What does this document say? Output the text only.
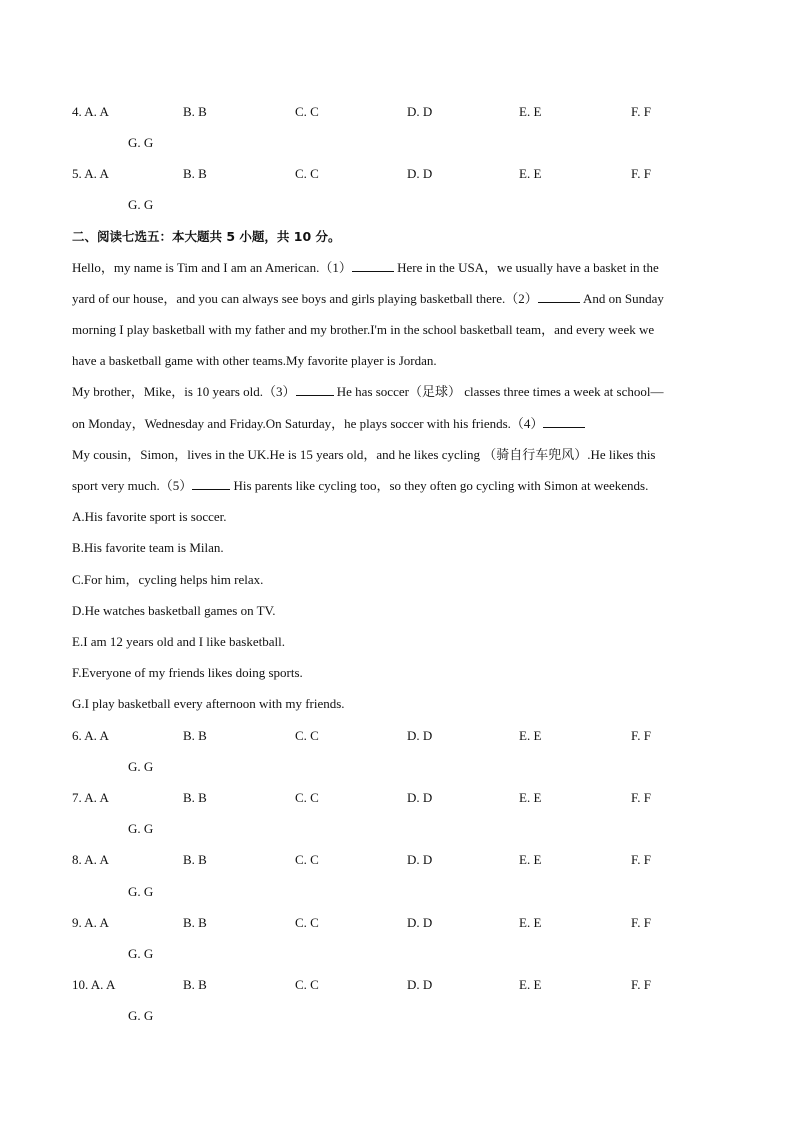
4. A. A	B. B	C. C	D. D	E. E	F. F
G. G
5. A. A	B. B	C. C	D. D	E. E	F. F
G. G
二、阅读七选五：本大题共 5 小题，共 10 分。
Hello，my name is Tim and I am an American.（1）	Here in the USA，we usually have a basket in the
yard of our house，and you can always see boys and girls playing basketball there.（2）	And on Sunday
morning I play basketball with my father and my brother.I'm in the school basketball team，and every week we
have a basketball game with other teams.My favorite player is Jordan.
My brother，Mike，is 10 years old.（3）	He has soccer（足球） classes three times a week at school—
on Monday，Wednesday and Friday.On Saturday，he plays soccer with his friends.（4）
My cousin，Simon，lives in the UK.He is 15 years old，and he likes cycling （骑自行车兜风）.He likes this
sport very much.（5）	His parents like cycling too，so they often go cycling with Simon at weekends.
A.His favorite sport is soccer.
B.His favorite team is Milan.
C.For him，cycling helps him relax.
D.He watches basketball games on TV.
E.I am 12 years old and I like basketball.
F.Everyone of my friends likes doing sports.
G.I play basketball every afternoon with my friends.
6. A. A	B. B	C. C	D. D	E. E	F. F
G. G
7. A. A	B. B	C. C	D. D	E. E	F. F
G. G
8. A. A	B. B	C. C	D. D	E. E	F. F
G. G
9. A. A	B. B	C. C	D. D	E. E	F. F
G. G
10. A. A	B. B	C. C	D. D	E. E	F. F
G. G
